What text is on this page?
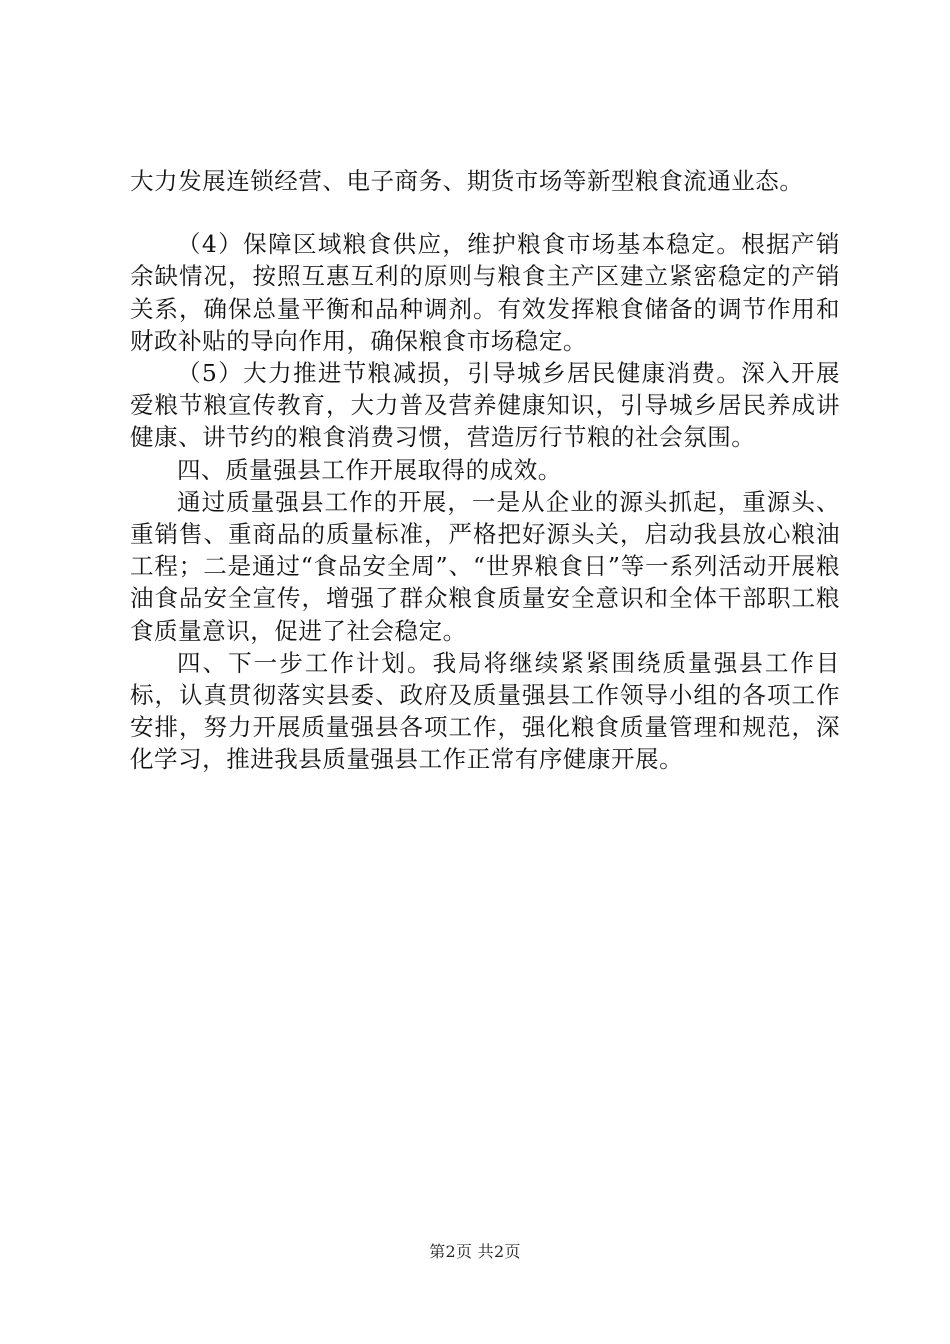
大力发展连锁经营、电子商务、期货市场等新型粮食流通业态。

（4）保障区域粮食供应，维护粮食市场基本稳定。根据产销余缺情况，按照互惠互利的原则与粮食主产区建立紧密稳定的产销关系，确保总量平衡和品种调剂。有效发挥粮食储备的调节作用和财政补贴的导向作用，确保粮食市场稳定。

（5）大力推进节粮减损，引导城乡居民健康消费。深入开展爱粮节粮宣传教育，大力普及营养健康知识，引导城乡居民养成讲健康、讲节约的粮食消费习惯，营造厉行节粮的社会氛围。

四、质量强县工作开展取得的成效。

通过质量强县工作的开展，一是从企业的源头抓起，重源头、重销售、重商品的质量标准，严格把好源头关，启动我县放心粮油工程；二是通过“食品安全周”、“世界粮食日”等一系列活动开展粮油食品安全宣传，增强了群众粮食质量安全意识和全体干部职工粮食质量意识，促进了社会稳定。

四、下一步工作计划。我局将继续紧紧围绕质量强县工作目标，认真贯彻落实县委、政府及质量强县工作领导小组的各项工作安排，努力开展质量强县各项工作，强化粮食质量管理和规范，深化学习，推进我县质量强县工作正常有序健康开展。

第2页 共2页
